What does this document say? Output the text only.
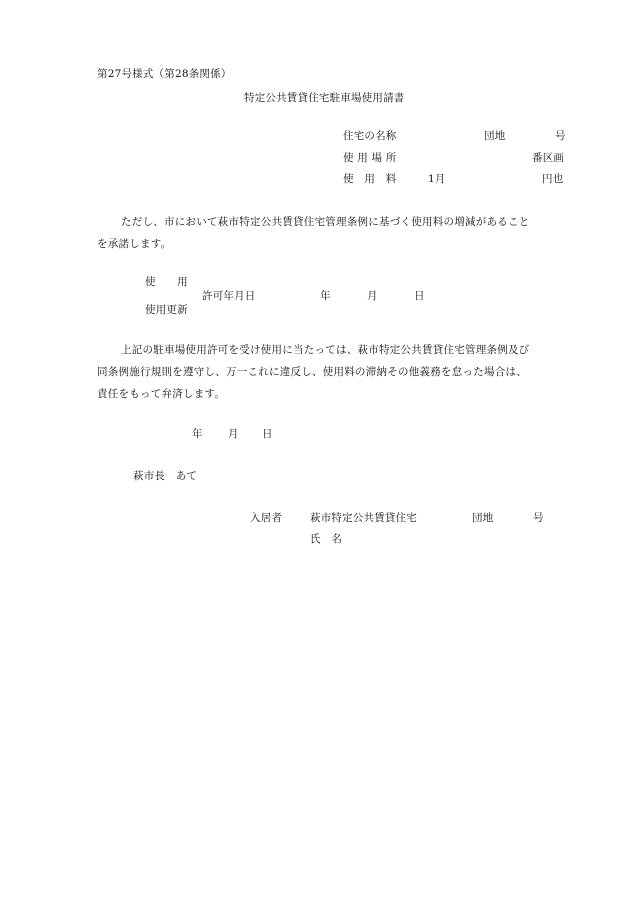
第27号様式（第28条関係）
特定公共賃貸住宅駐車場使用請書
住宅の名称	団地	号
使 用 場 所	番区画
使　用　料	1月	円也
ただし、市において萩市特定公共賃貸住宅管理条例に基づく使用料の増減があること
を承諾します。
使　　用
許可年月日	年	月	日
使用更新
上記の駐車場使用許可を受け使用に当たっては、萩市特定公共賃貸住宅管理条例及び
同条例施行規則を遵守し、万一これに違反し、使用料の滞納その他義務を怠った場合は、
責任をもって弁済します。
年 月 日
萩市長　あて
入居者	萩市特定公共賃貸住宅	団地	号
氏　名
